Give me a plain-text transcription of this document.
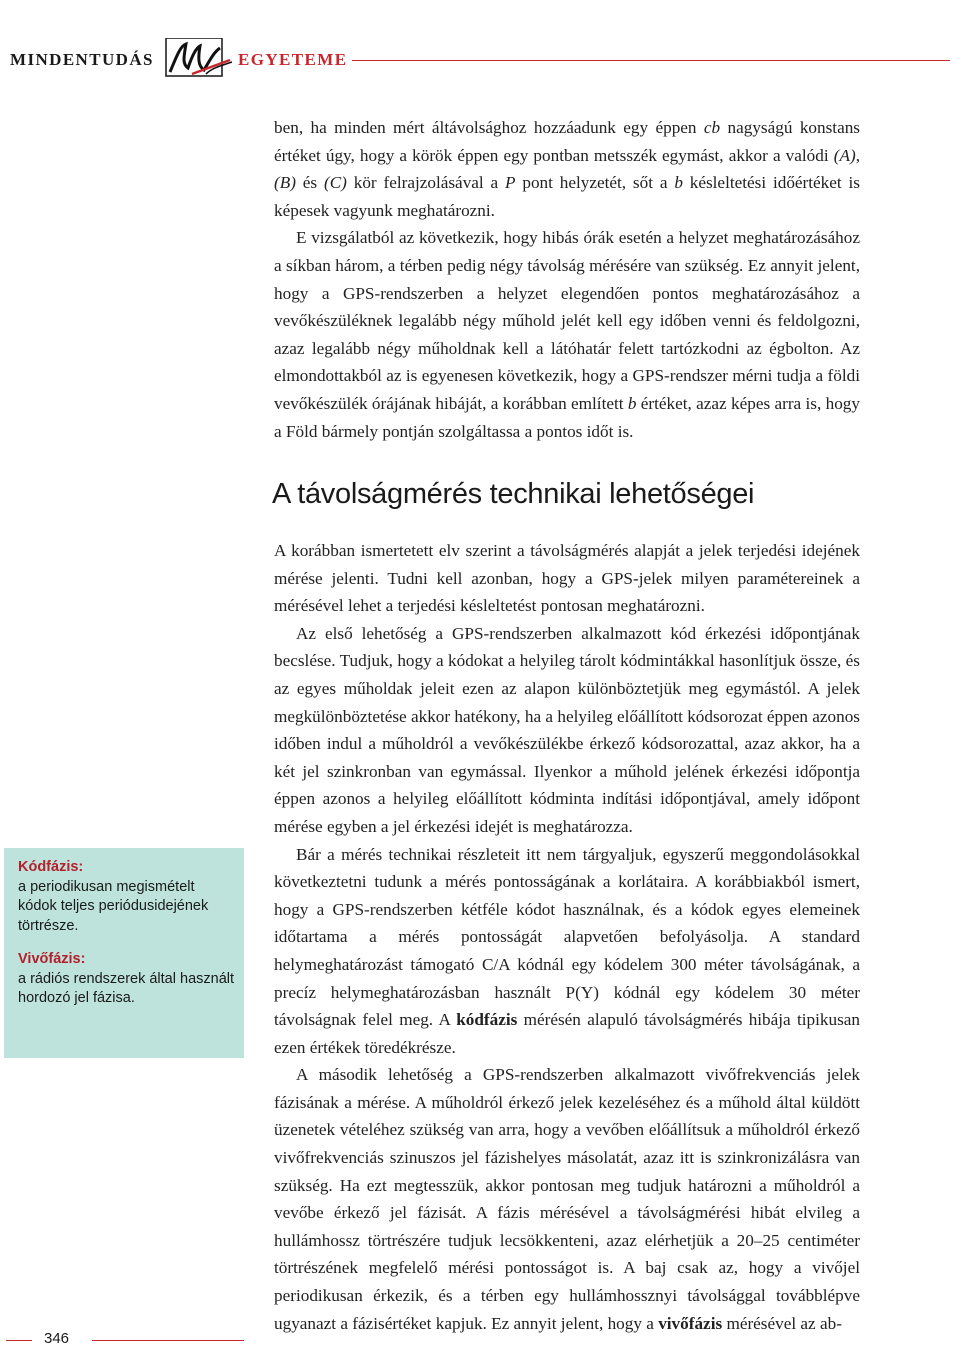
MINDENTUDÁS	EGYETEME

ben, ha minden mért áltávolsághoz hozzáadunk egy éppen cb nagyságú konstans értéket úgy, hogy a körök éppen egy pontban metsszék egymást, akkor a valódi (A), (B) és (C) kör felrajzolásával a P pont helyzetét, sőt a b késleltetési időértéket is képesek vagyunk meghatározni.

E vizsgálatból az következik, hogy hibás órák esetén a helyzet meghatározásához a síkban három, a térben pedig négy távolság mérésére van szükség. Ez annyit jelent, hogy a GPS-rendszerben a helyzet elegendően pontos meghatározásához a vevőkészüléknek legalább négy műhold jelét kell egy időben venni és feldolgozni, azaz legalább négy műholdnak kell a látóhatár felett tartózkodni az égbolton. Az elmondottakból az is egyenesen következik, hogy a GPS-rendszer mérni tudja a földi vevőkészülék órájának hibáját, a korábban említett b értéket, azaz képes arra is, hogy a Föld bármely pontján szolgáltassa a pontos időt is.

A távolságmérés technikai lehetőségei

A korábban ismertetett elv szerint a távolságmérés alapját a jelek terjedési idejének mérése jelenti. Tudni kell azonban, hogy a GPS-jelek milyen paramétereinek a mérésével lehet a terjedési késleltetést pontosan meghatározni.

Az első lehetőség a GPS-rendszerben alkalmazott kód érkezési időpontjának becslése. Tudjuk, hogy a kódokat a helyileg tárolt kódmintákkal hasonlítjuk össze, és az egyes műholdak jeleit ezen az alapon különböztetjük meg egymástól. A jelek megkülönböztetése akkor hatékony, ha a helyileg előállított kódsorozat éppen azonos időben indul a műholdról a vevőkészülékbe érkező kódsorozattal, azaz akkor, ha a két jel szinkronban van egymással. Ilyenkor a műhold jelének érkezési időpontja éppen azonos a helyileg előállított kódminta indítási időpontjával, amely időpont mérése egyben a jel érkezési idejét is meghatározza.

Bár a mérés technikai részleteit itt nem tárgyaljuk, egyszerű meggondolásokkal következtetni tudunk a mérés pontosságának a korlátaira. A korábbiakból ismert, hogy a GPS-rendszerben kétféle kódot használnak, és a kódok egyes elemeinek időtartama a mérés pontosságát alapvetően befolyásolja. A standard helymeghatározást támogató C/A kódnál egy kódelem 300 méter távolságának, a precíz helymeghatározásban használt P(Y) kódnál egy kódelem 30 méter távolságnak felel meg. A kódfázis mérésén alapuló távolságmérés hibája tipikusan ezen értékek töredékrésze.

A második lehetőség a GPS-rendszerben alkalmazott vivőfrekvenciás jelek fázisának a mérése. A műholdról érkező jelek kezeléséhez és a műhold által küldött üzenetek vételéhez szükség van arra, hogy a vevőben előállítsuk a műholdról érkező vivőfrekvenciás szinuszos jel fázishelyes másolatát, azaz itt is szinkronizálásra van szükség. Ha ezt megtesszük, akkor pontosan meg tudjuk határozni a műholdról a vevőbe érkező jel fázisát. A fázis mérésével a távolságmérési hibát elvileg a hullámhossz törtrészére tudjuk lecsökkenteni, azaz elérhetjük a 20–25 centiméter törtrészének megfelelő mérési pontosságot is. A baj csak az, hogy a vivőjel periodikusan érkezik, és a térben egy hullámhossznyi távolsággal továbblépve ugyanazt a fázisértéket kapjuk. Ez annyit jelent, hogy a vivőfázis mérésével az ab-

Kódfázis:

a periodikusan megismételt kódok teljes periódusidejének törtrésze.

Vivőfázis:

a rádiós rendszerek által használt hordozó jel fázisa.

346
